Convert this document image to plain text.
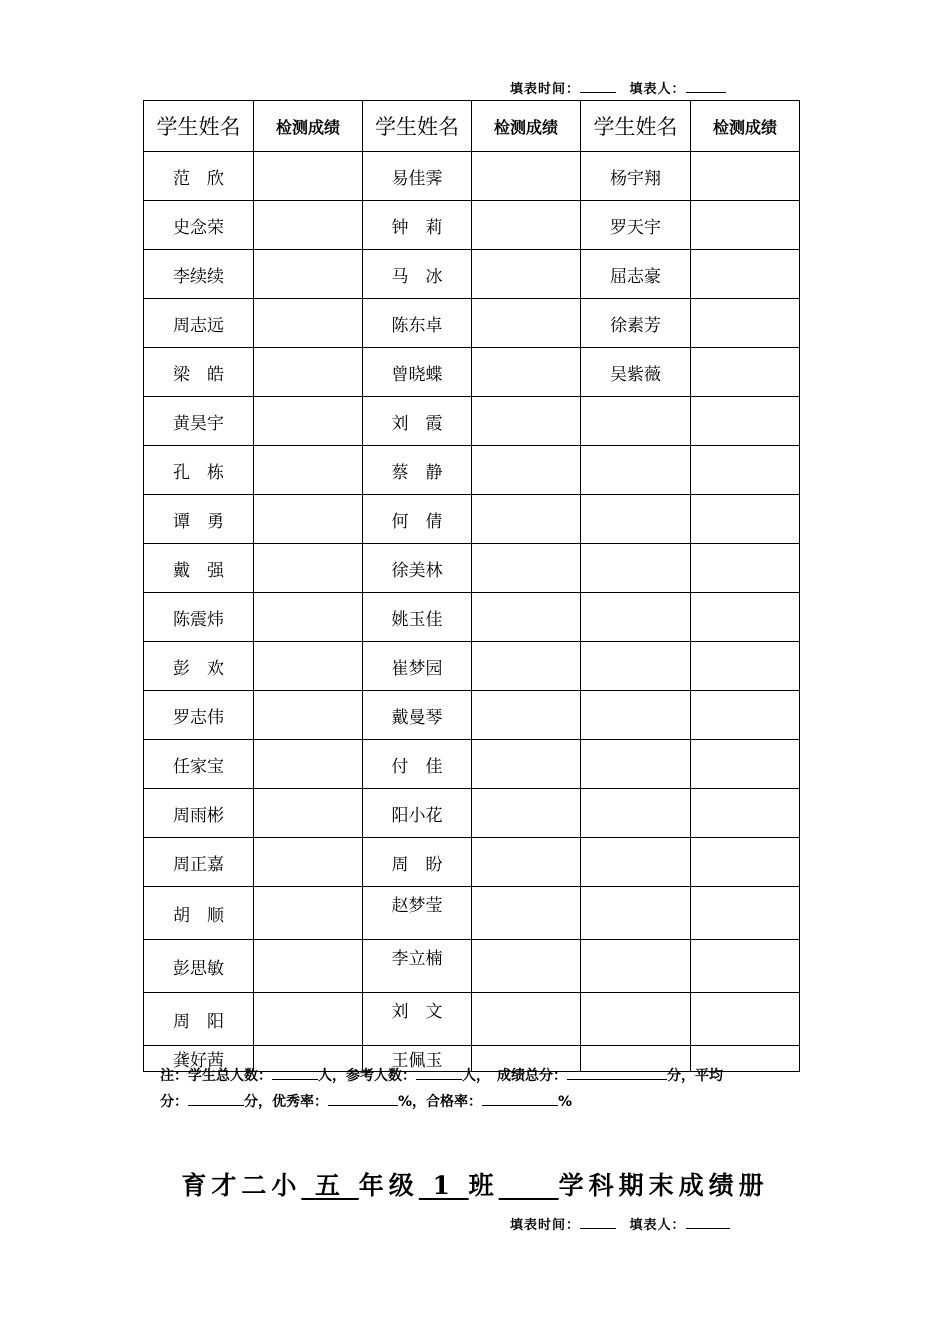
填表时间：	填表人：
学生姓名	检测成绩	学生姓名	检测成绩	学生姓名	检测成绩
范　欣		易佳霁		杨宇翔	
史念荣		钟　莉		罗天宇	
李续续		马　冰		屈志豪	
周志远		陈东卓		徐素芳	
梁　皓		曾晓蝶		吴紫薇	
黄昊宇		刘　霞			
孔　栋		蔡　静			
谭　勇		何　倩			
戴　强		徐美林			
陈震炜		姚玉佳			
彭　欢		崔梦园			
罗志伟		戴曼琴			
任家宝		付　佳			
周雨彬		阳小花			
周正嘉		周　盼			
胡　顺		赵梦莹			
彭思敏		李立楠			
周　阳		刘　文			
龚好茜		王佩玉			
注：学生总人数：	人，参考人数：	人，　成绩总分：	分，平均
分：	分，优秀率：	%，合格率：	%
育才二小 五 年级 1 班　　 学科期末成绩册
填表时间：	填表人：
